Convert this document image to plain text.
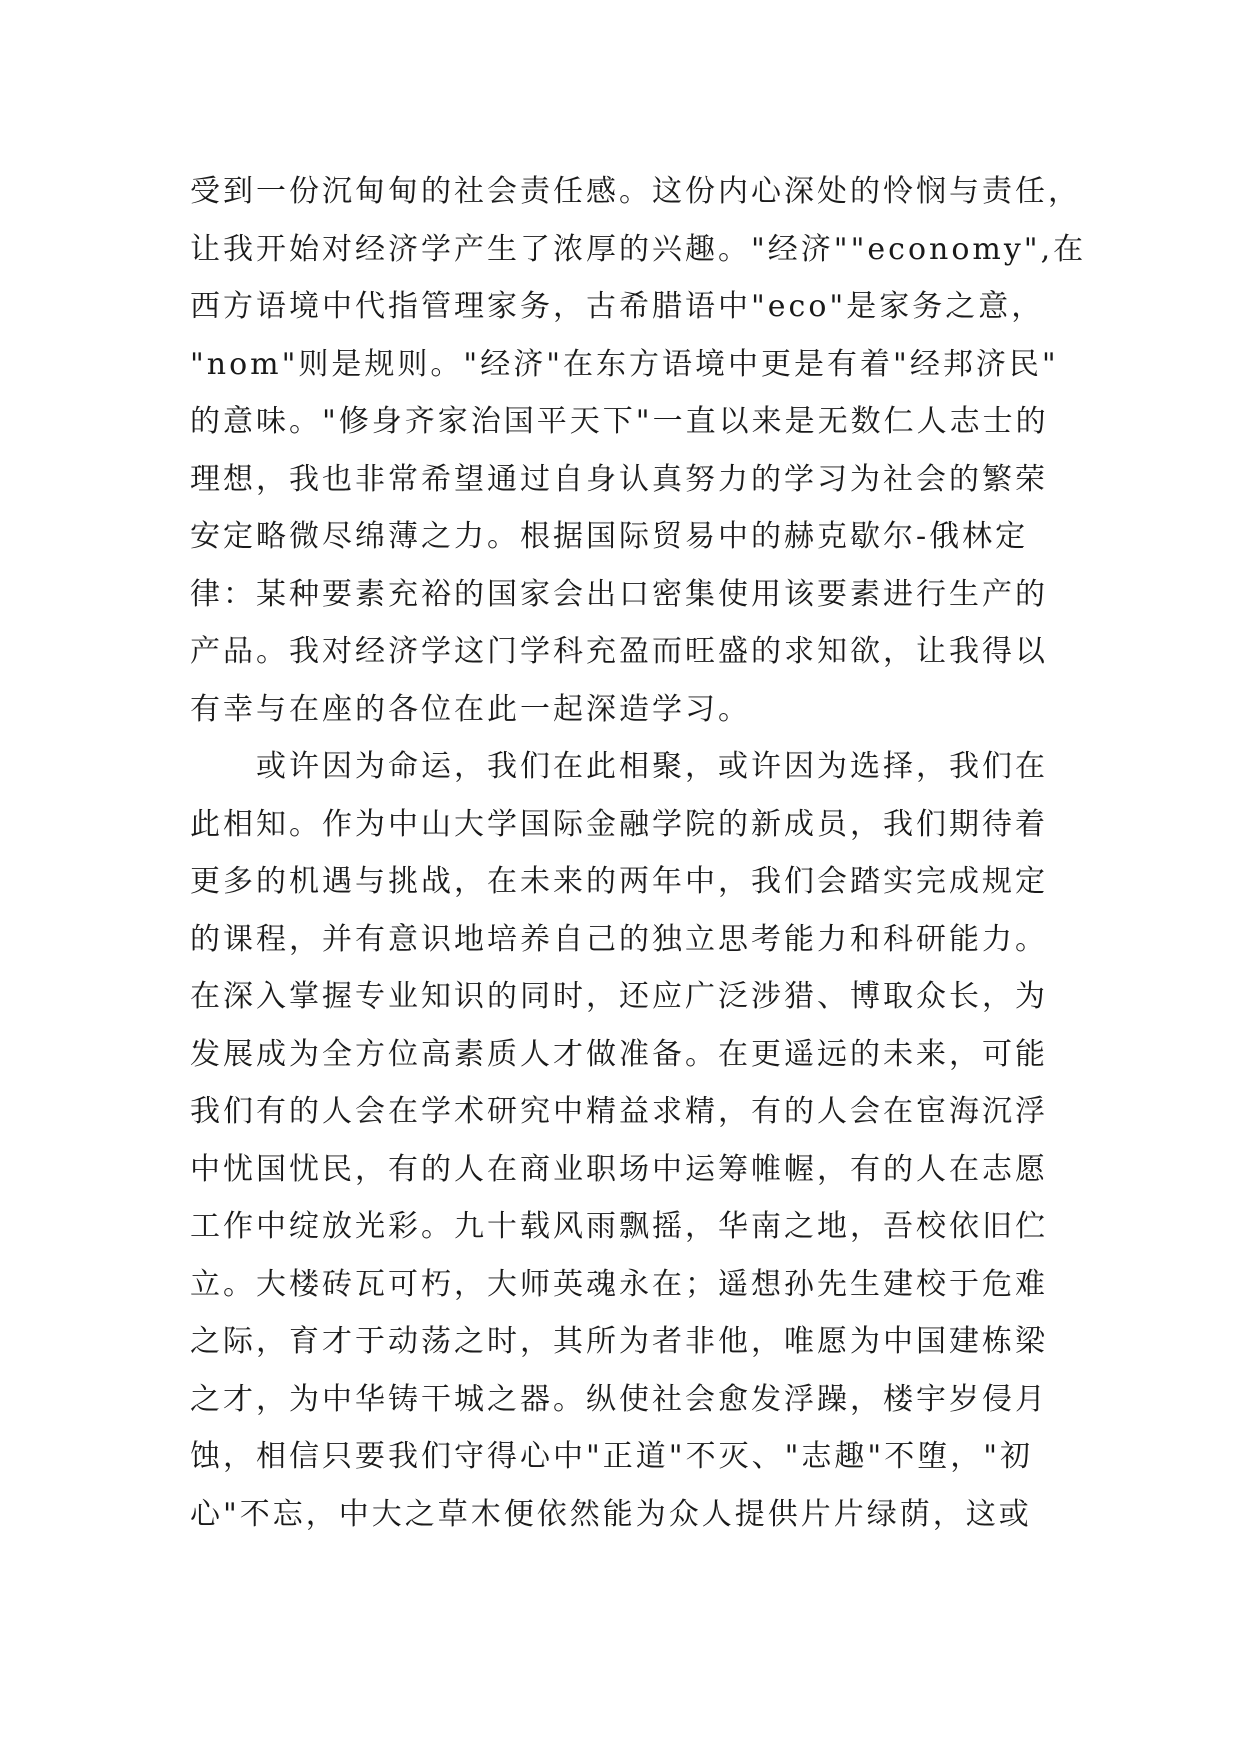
受到一份沉甸甸的社会责任感。这份内心深处的怜悯与责任，
让我开始对经济学产生了浓厚的兴趣。"经济""economy",在
西方语境中代指管理家务，古希腊语中"eco"是家务之意，
"nom"则是规则。"经济"在东方语境中更是有着"经邦济民"
的意味。"修身齐家治国平天下"一直以来是无数仁人志士的
理想，我也非常希望通过自身认真努力的学习为社会的繁荣
安定略微尽绵薄之力。根据国际贸易中的赫克歇尔-俄林定
律：某种要素充裕的国家会出口密集使用该要素进行生产的
产品。我对经济学这门学科充盈而旺盛的求知欲，让我得以
有幸与在座的各位在此一起深造学习。
或许因为命运，我们在此相聚，或许因为选择，我们在
此相知。作为中山大学国际金融学院的新成员，我们期待着
更多的机遇与挑战，在未来的两年中，我们会踏实完成规定
的课程，并有意识地培养自己的独立思考能力和科研能力。
在深入掌握专业知识的同时，还应广泛涉猎、博取众长，为
发展成为全方位高素质人才做准备。在更遥远的未来，可能
我们有的人会在学术研究中精益求精，有的人会在宦海沉浮
中忧国忧民，有的人在商业职场中运筹帷幄，有的人在志愿
工作中绽放光彩。九十载风雨飘摇，华南之地，吾校依旧伫
立。大楼砖瓦可朽，大师英魂永在；遥想孙先生建校于危难
之际，育才于动荡之时，其所为者非他，唯愿为中国建栋梁
之才，为中华铸干城之器。纵使社会愈发浮躁，楼宇岁侵月
蚀，相信只要我们守得心中"正道"不灭、"志趣"不堕，"初
心"不忘，中大之草木便依然能为众人提供片片绿荫，这或
